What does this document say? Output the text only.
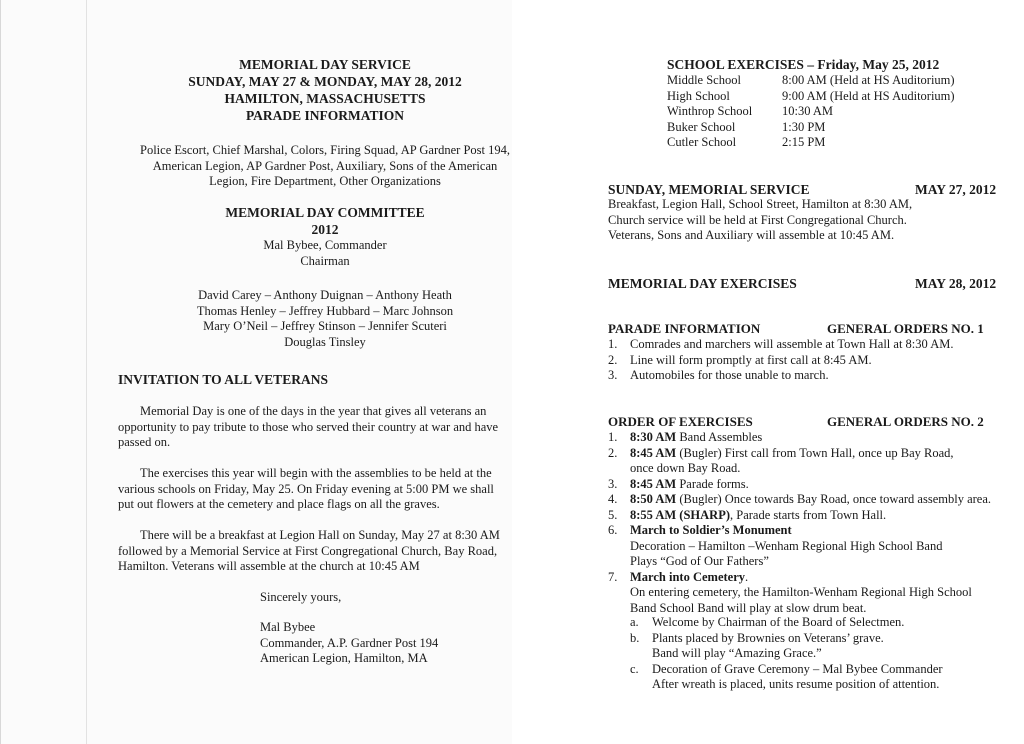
MEMORIAL DAY SERVICE
SUNDAY, MAY 27 & MONDAY, MAY 28, 2012
HAMILTON, MASSACHUSETTS
PARADE INFORMATION
Police Escort, Chief Marshal, Colors, Firing Squad, AP Gardner Post 194,
American Legion, AP Gardner Post, Auxiliary, Sons of the American
Legion, Fire Department, Other Organizations
MEMORIAL DAY COMMITTEE
2012
Mal Bybee, Commander
Chairman
David Carey – Anthony Duignan – Anthony Heath
Thomas Henley – Jeffrey Hubbard – Marc Johnson
Mary O’Neil – Jeffrey Stinson – Jennifer Scuteri
Douglas Tinsley
INVITATION TO ALL VETERANS
Memorial Day is one of the days in the year that gives all veterans an
opportunity to pay tribute to those who served their country at war and have
passed on.
The exercises this year will begin with the assemblies to be held at the
various schools on Friday, May 25. On Friday evening at 5:00 PM we shall
put out flowers at the cemetery and place flags on all the graves.
There will be a breakfast at Legion Hall on Sunday, May 27 at 8:30 AM
followed by a Memorial Service at First Congregational Church, Bay Road,
Hamilton. Veterans will assemble at the church at 10:45 AM
Sincerely yours,
Mal Bybee
Commander, A.P. Gardner Post 194
American Legion, Hamilton, MA
SCHOOL EXERCISES – Friday, May 25, 2012
Middle School	8:00 AM (Held at HS Auditorium)
High School	9:00 AM (Held at HS Auditorium)
Winthrop School 10:30 AM
Buker School	1:30 PM
Cutler School	2:15 PM
SUNDAY, MEMORIAL SERVICE	MAY 27, 2012
Breakfast, Legion Hall, School Street, Hamilton at 8:30 AM,
Church service will be held at First Congregational Church.
Veterans, Sons and Auxiliary will assemble at 10:45 AM.
MEMORIAL DAY EXERCISES	MAY 28, 2012
PARADE INFORMATION	GENERAL ORDERS NO. 1
1. Comrades and marchers will assemble at Town Hall at 8:30 AM.
2. Line will form promptly at first call at 8:45 AM.
3. Automobiles for those unable to march.
ORDER OF EXERCISES	GENERAL ORDERS NO. 2
1. 8:30 AM Band Assembles
2. 8:45 AM (Bugler) First call from Town Hall, once up Bay Road,
once down Bay Road.
3. 8:45 AM Parade forms.
4. 8:50 AM (Bugler) Once towards Bay Road, once toward assembly area.
5. 8:55 AM (SHARP), Parade starts from Town Hall.
6. March to Soldier’s Monument
Decoration – Hamilton –Wenham Regional High School Band
Plays “God of Our Fathers”
7. March into Cemetery.
On entering cemetery, the Hamilton-Wenham Regional High School
Band School Band will play at slow drum beat.
a. Welcome by Chairman of the Board of Selectmen.
b. Plants placed by Brownies on Veterans’ grave.
Band will play “Amazing Grace.”
c. Decoration of Grave Ceremony – Mal Bybee Commander
After wreath is placed, units resume position of attention.
